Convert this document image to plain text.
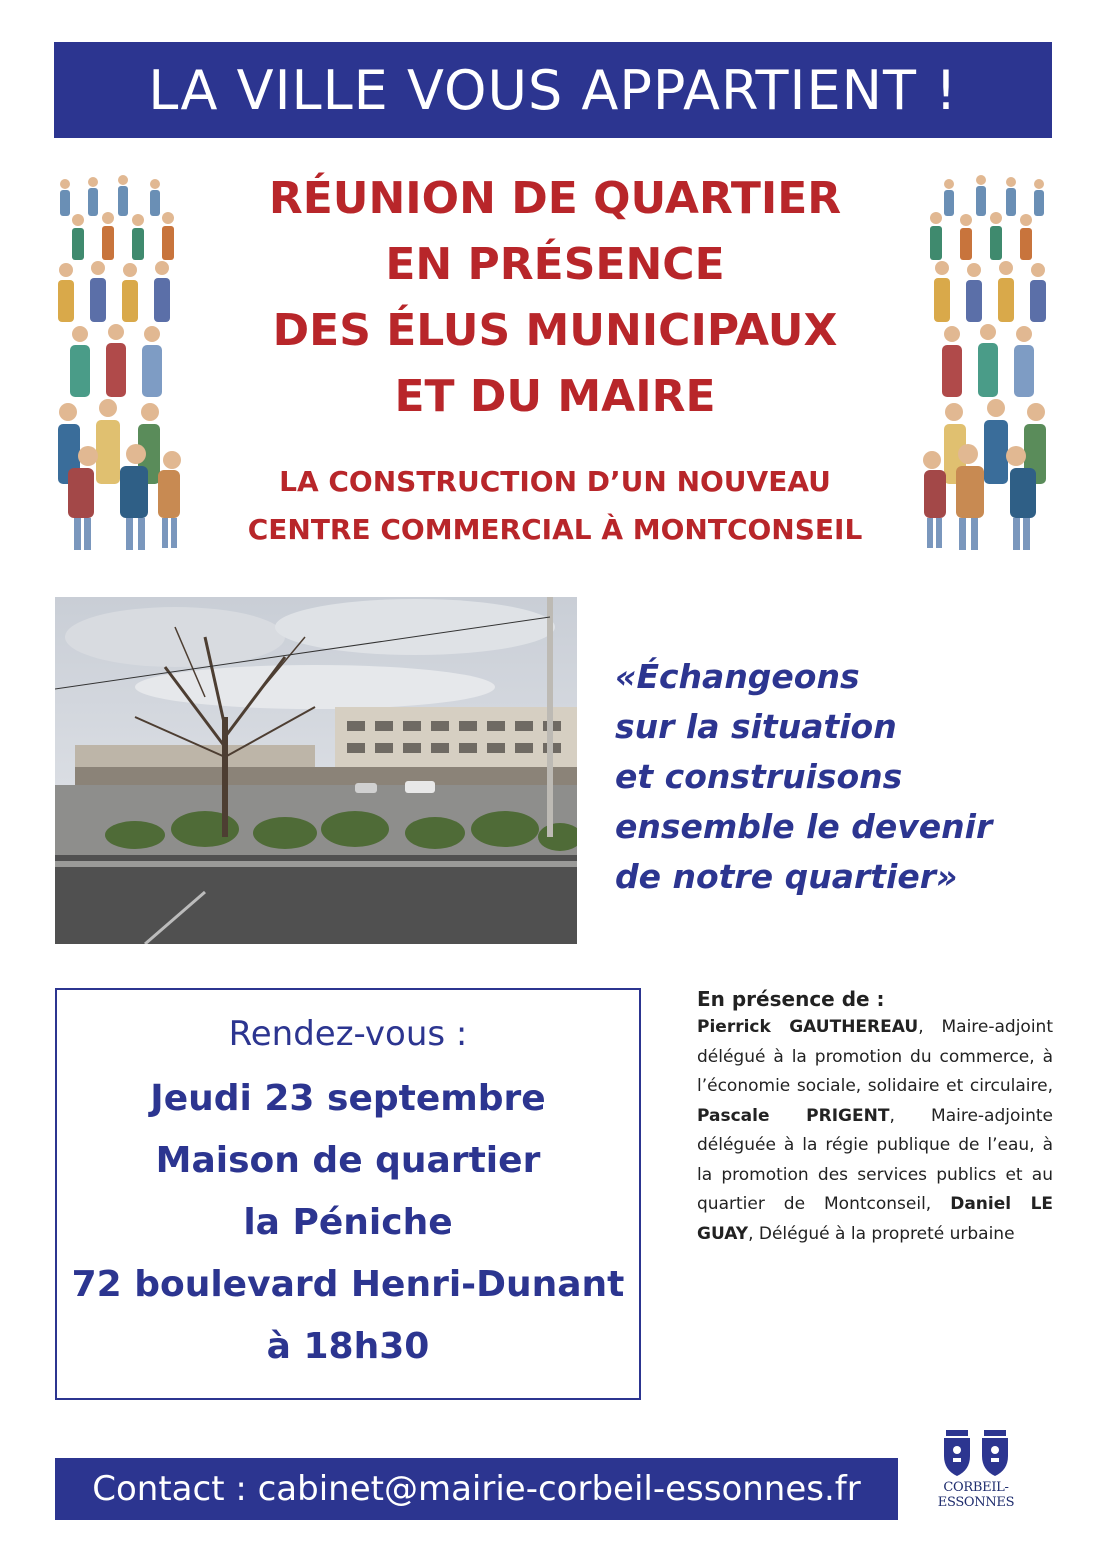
LA VILLE VOUS APPARTIENT !
RÉUNION DE QUARTIER
EN PRÉSENCE
DES ÉLUS MUNICIPAUX
ET DU MAIRE
LA CONSTRUCTION D’UN NOUVEAU
CENTRE COMMERCIAL À MONTCONSEIL
«Échangeons
sur la situation
et construisons
ensemble le devenir
de notre quartier»
Rendez-vous :
Jeudi 23 septembre
Maison de quartier
la Péniche
72 boulevard Henri-Dunant
à 18h30
En présence de :
Pierrick GAUTHEREAU, Maire-adjoint délégué à la promotion du commerce, à l’économie sociale, solidaire et circulaire, Pascale PRIGENT, Maire-adjointe déléguée à la régie publique de l’eau, à la promotion des services publics et au quartier de Montconseil, Daniel LE GUAY, Délégué à la propreté urbaine
Contact : cabinet@mairie-corbeil-essonnes.fr	CORBEIL-ESSONNES
